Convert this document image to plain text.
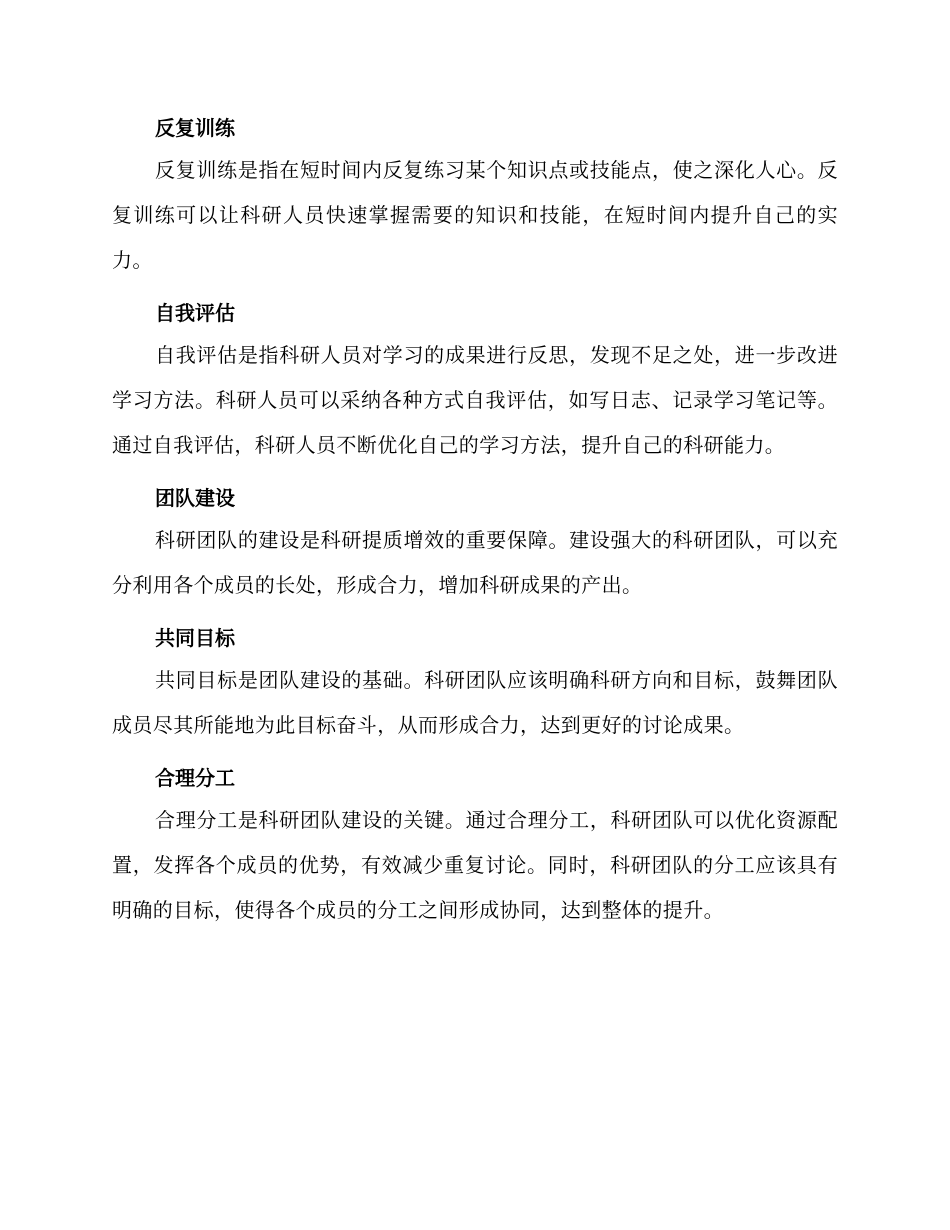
反复训练

反复训练是指在短时间内反复练习某个知识点或技能点，使之深化人心。反复训练可以让科研人员快速掌握需要的知识和技能，在短时间内提升自己的实力。

自我评估

自我评估是指科研人员对学习的成果进行反思，发现不足之处，进一步改进学习方法。科研人员可以采纳各种方式自我评估，如写日志、记录学习笔记等。通过自我评估，科研人员不断优化自己的学习方法，提升自己的科研能力。

团队建设

科研团队的建设是科研提质增效的重要保障。建设强大的科研团队，可以充分利用各个成员的长处，形成合力，增加科研成果的产出。

共同目标

共同目标是团队建设的基础。科研团队应该明确科研方向和目标，鼓舞团队成员尽其所能地为此目标奋斗，从而形成合力，达到更好的讨论成果。

合理分工

合理分工是科研团队建设的关键。通过合理分工，科研团队可以优化资源配置，发挥各个成员的优势，有效减少重复讨论。同时，科研团队的分工应该具有明确的目标，使得各个成员的分工之间形成协同，达到整体的提升。
